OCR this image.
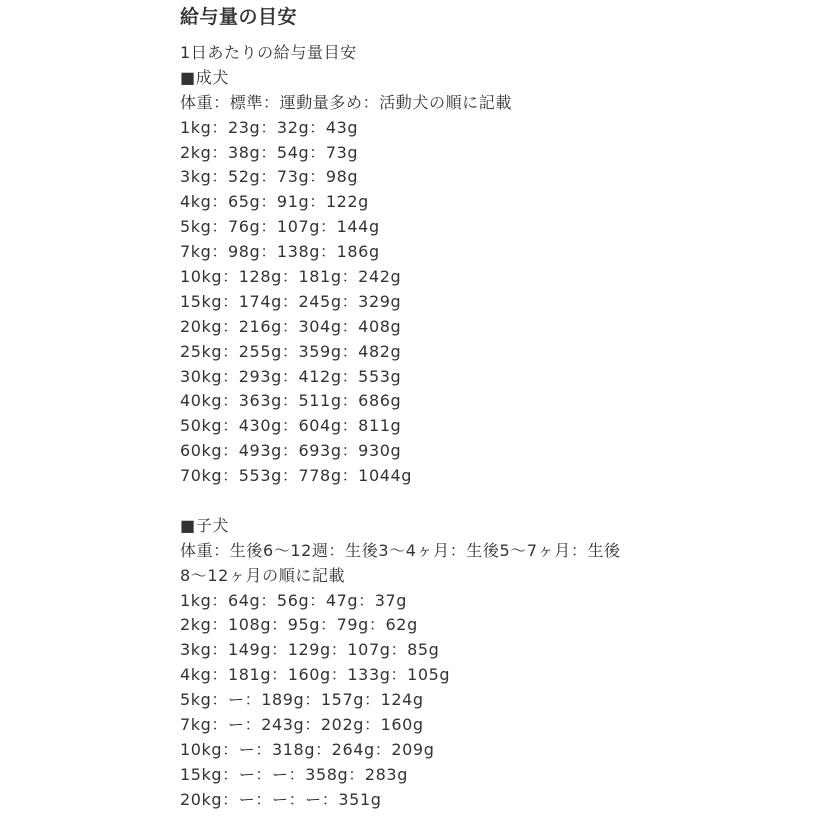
給与量の目安
1日あたりの給与量目安
■成犬
体重：標準：運動量多め：活動犬の順に記載
1kg：23g：32g：43g
2kg：38g：54g：73g
3kg：52g：73g：98g
4kg：65g：91g：122g
5kg：76g：107g：144g
7kg：98g：138g：186g
10kg：128g：181g：242g
15kg：174g：245g：329g
20kg：216g：304g：408g
25kg：255g：359g：482g
30kg：293g：412g：553g
40kg：363g：511g：686g
50kg：430g：604g：811g
60kg：493g：693g：930g
70kg：553g：778g：1044g
■子犬
体重：生後6〜12週：生後3〜4ヶ月：生後5〜7ヶ月：生後
8〜12ヶ月の順に記載
1kg：64g：56g：47g：37g
2kg：108g：95g：79g：62g
3kg：149g：129g：107g：85g
4kg：181g：160g：133g：105g
5kg：ー：189g：157g：124g
7kg：ー：243g：202g：160g
10kg：ー：318g：264g：209g
15kg：ー：ー：358g：283g
20kg：ー：ー：ー：351g
